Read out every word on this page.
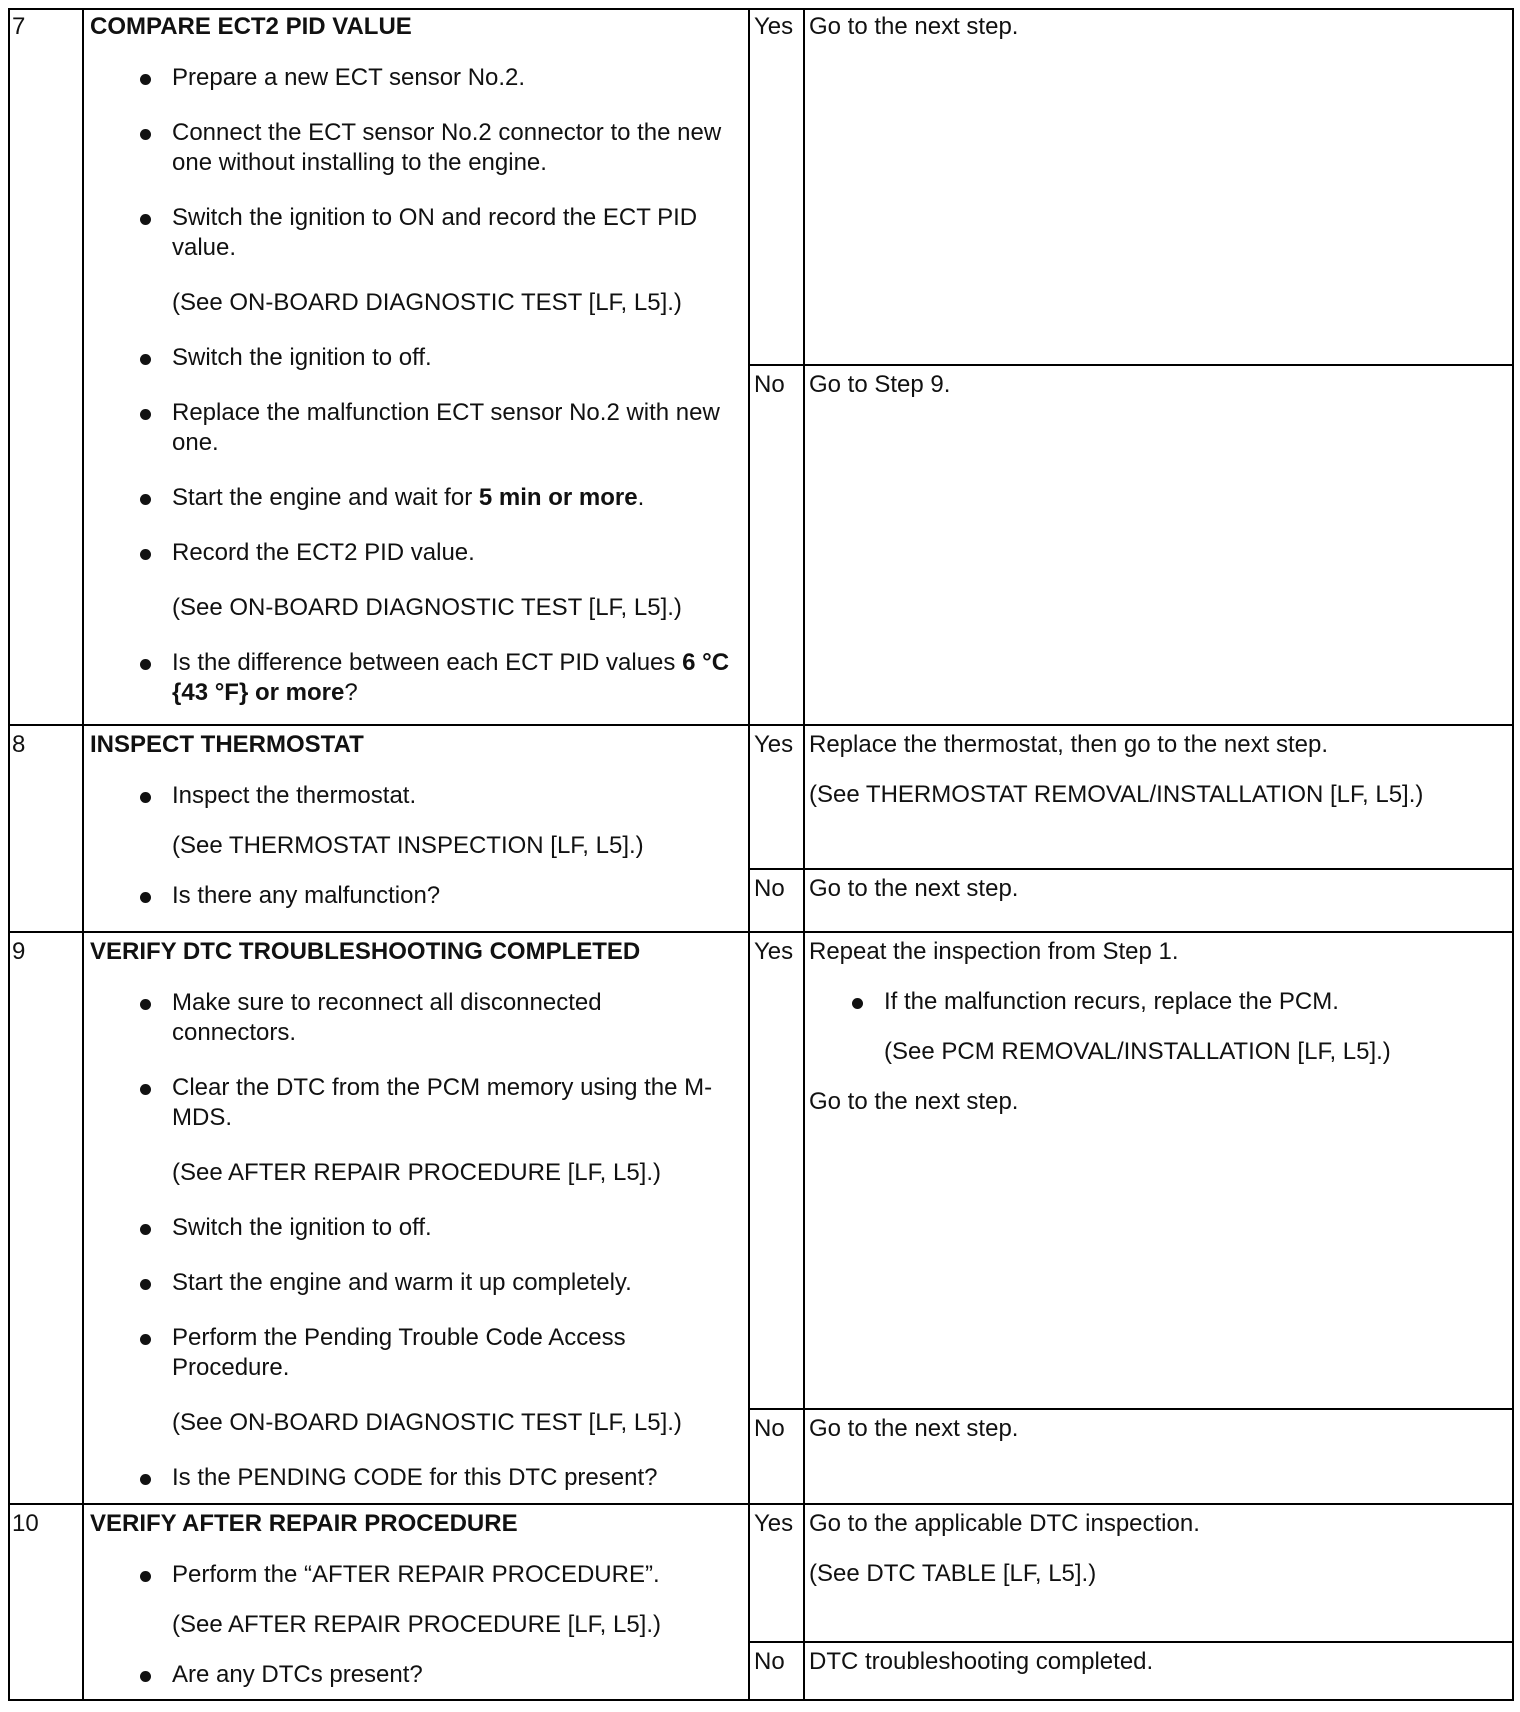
7	COMPARE ECT2 PID VALUE

Prepare a new ECT sensor No.2.

Connect the ECT sensor No.2 connector to the new one without installing to the engine.

Switch the ignition to ON and record the ECT PID value.

(See ON-BOARD DIAGNOSTIC TEST [LF, L5].)

Switch the ignition to off.

Replace the malfunction ECT sensor No.2 with new one.

Start the engine and wait for 5 min or more.

Record the ECT2 PID value.

(See ON-BOARD DIAGNOSTIC TEST [LF, L5].)

Is the difference between each ECT PID values 6 °C {43 °F} or more?

Yes Go to the next step.
No Go to Step 9.
8	INSPECT THERMOSTAT

Inspect the thermostat.

(See THERMOSTAT INSPECTION [LF, L5].)

Is there any malfunction?

Yes Replace the thermostat, then go to the next step.
(See THERMOSTAT REMOVAL/INSTALLATION [LF, L5].)
No Go to the next step.
9	VERIFY DTC TROUBLESHOOTING COMPLETED

Make sure to reconnect all disconnected connectors.

Clear the DTC from the PCM memory using the M-MDS.

(See AFTER REPAIR PROCEDURE [LF, L5].)

Switch the ignition to off.

Start the engine and warm it up completely.

Perform the Pending Trouble Code Access Procedure.

(See ON-BOARD DIAGNOSTIC TEST [LF, L5].)

Is the PENDING CODE for this DTC present?

Yes Repeat the inspection from Step 1.
If the malfunction recurs, replace the PCM.
(See PCM REMOVAL/INSTALLATION [LF, L5].)
Go to the next step.
No Go to the next step.
10 VERIFY AFTER REPAIR PROCEDURE

Perform the “AFTER REPAIR PROCEDURE”.

(See AFTER REPAIR PROCEDURE [LF, L5].)

Are any DTCs present?

Yes Go to the applicable DTC inspection.
(See DTC TABLE [LF, L5].)
No DTC troubleshooting completed.
